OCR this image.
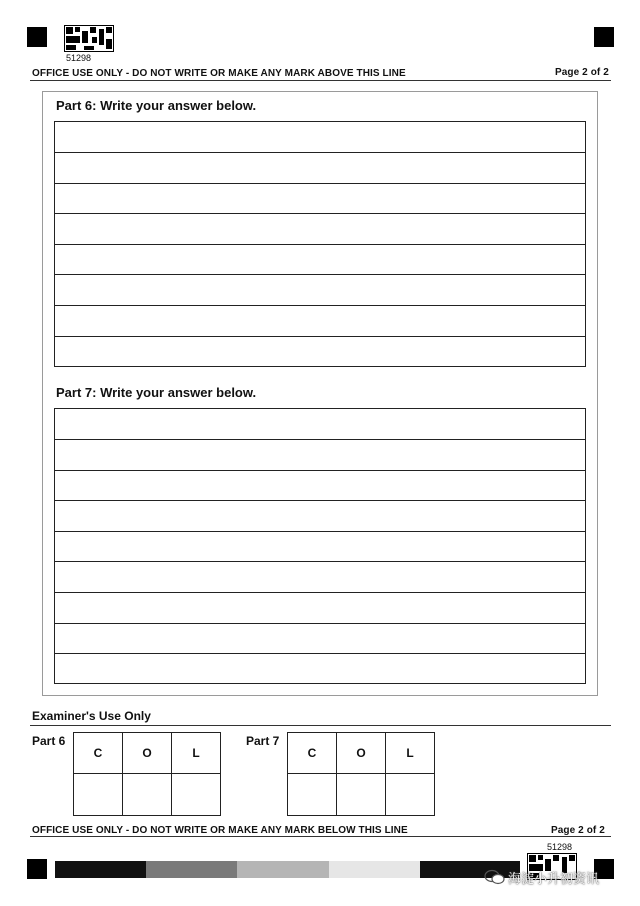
51298
OFFICE USE ONLY - DO NOT WRITE OR MAKE ANY MARK ABOVE THIS LINE	Page 2 of 2
Part 6: Write your answer below.
Part 7: Write your answer below.
Examiner's Use Only
Part 6
C	O	L

Part 7
C	O	L

OFFICE USE ONLY - DO NOT WRITE OR MAKE ANY MARK BELOW THIS LINE	Page 2 of 2
51298
海淀小升初资讯
